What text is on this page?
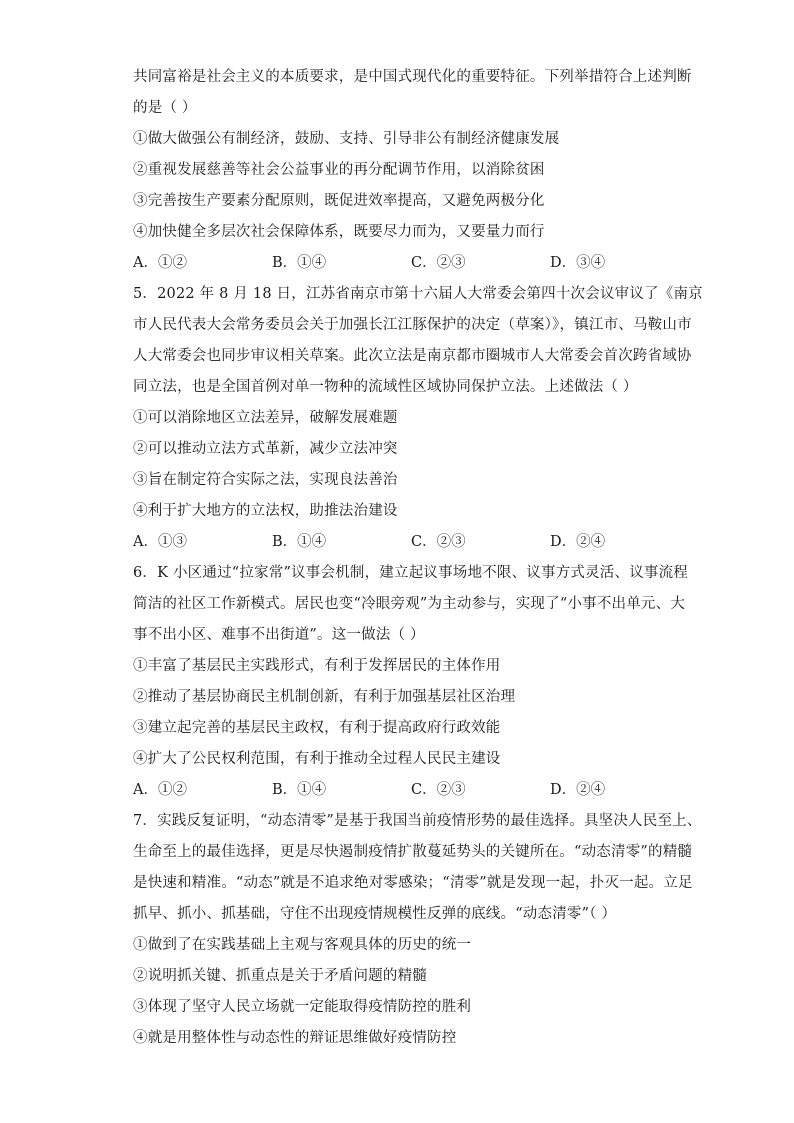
共同富裕是社会主义的本质要求，是中国式现代化的重要特征。下列举措符合上述判断
的是（ ）
①做大做强公有制经济，鼓励、支持、引导非公有制经济健康发展
②重视发展慈善等社会公益事业的再分配调节作用，以消除贫困
③完善按生产要素分配原则，既促进效率提高，又避免两极分化
④加快健全多层次社会保障体系，既要尽力而为，又要量力而行
A．①②	B．①④	C．②③	D．③④
5．2022 年 8 月 18 日，江苏省南京市第十六届人大常委会第四十次会议审议了《南京
市人民代表大会常务委员会关于加强长江江豚保护的决定（草案）》，镇江市、马鞍山市
人大常委会也同步审议相关草案。此次立法是南京都市圈城市人大常委会首次跨省域协
同立法，也是全国首例对单一物种的流域性区域协同保护立法。上述做法（ ）
①可以消除地区立法差异，破解发展难题
②可以推动立法方式革新，减少立法冲突
③旨在制定符合实际之法，实现良法善治
④利于扩大地方的立法权，助推法治建设
A．①③	B．①④	C．②③	D．②④
6．K 小区通过“拉家常”议事会机制，建立起议事场地不限、议事方式灵活、议事流程
简洁的社区工作新模式。居民也变“冷眼旁观”为主动参与，实现了“小事不出单元、大
事不出小区、难事不出街道”。这一做法（ ）
①丰富了基层民主实践形式，有利于发挥居民的主体作用
②推动了基层协商民主机制创新，有利于加强基层社区治理
③建立起完善的基层民主政权，有利于提高政府行政效能
④扩大了公民权利范围，有利于推动全过程人民民主建设
A．①②	B．①④	C．②③	D．②④
7．实践反复证明，“动态清零”是基于我国当前疫情形势的最佳选择。具坚决人民至上、
生命至上的最佳选择，更是尽快遏制疫情扩散蔓延势头的关键所在。“动态清零”的精髓
是快速和精准。“动态”就是不追求绝对零感染；“清零”就是发现一起，扑灭一起。立足
抓早、抓小、抓基础，守住不出现疫情规模性反弹的底线。“动态清零”（ ）
①做到了在实践基础上主观与客观具体的历史的统一
②说明抓关键、抓重点是关于矛盾问题的精髓
③体现了坚守人民立场就一定能取得疫情防控的胜利
④就是用整体性与动态性的辩证思维做好疫情防控
